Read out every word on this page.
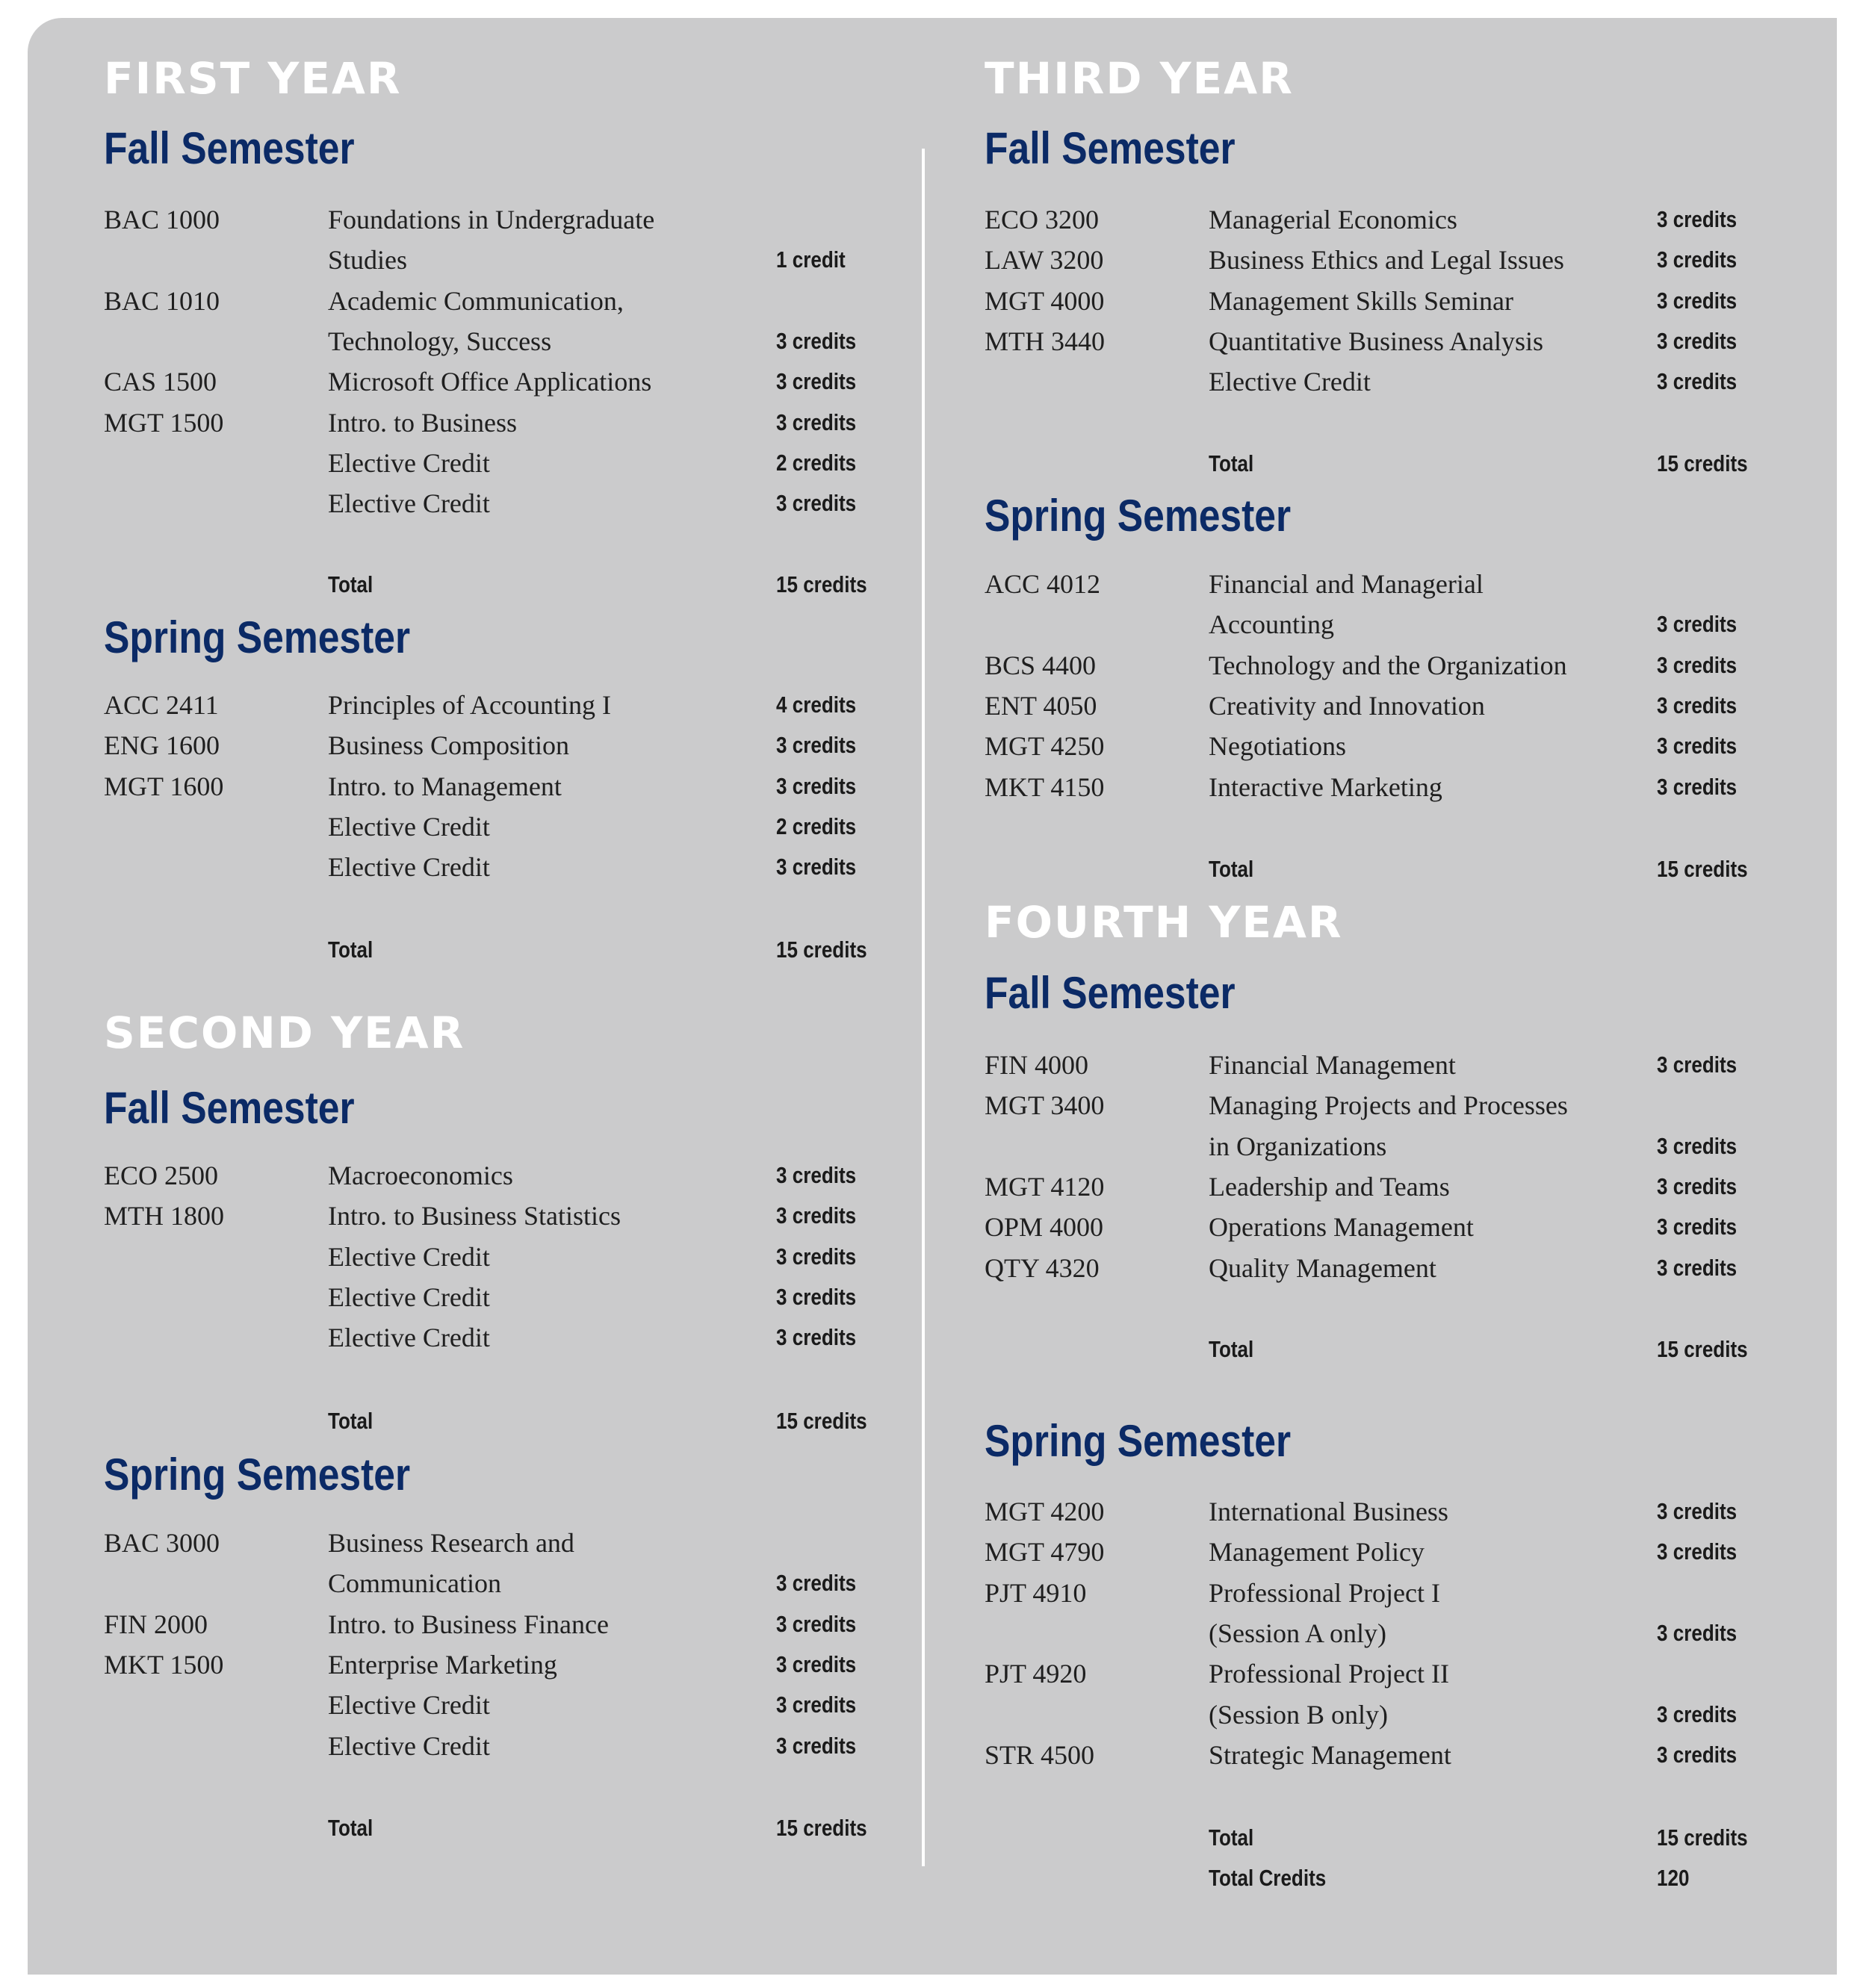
FIRST YEAR
Fall Semester
BAC 1000	Foundations in Undergraduate
Studies	1 credit
BAC 1010	Academic Communication,
Technology, Success	3 credits
CAS 1500	Microsoft Office Applications	3 credits
MGT 1500	Intro. to Business	3 credits
Elective Credit	2 credits
Elective Credit	3 credits
Total	15 credits
Spring Semester
ACC 2411	Principles of Accounting I	4 credits
ENG 1600	Business Composition	3 credits
MGT 1600	Intro. to Management	3 credits
Elective Credit	2 credits
Elective Credit	3 credits
Total	15 credits
SECOND YEAR
Fall Semester
ECO 2500	Macroeconomics	3 credits
MTH 1800	Intro. to Business Statistics	3 credits
Elective Credit	3 credits
Elective Credit	3 credits
Elective Credit	3 credits
Total	15 credits
Spring Semester
BAC 3000	Business Research and
Communication	3 credits
FIN 2000	Intro. to Business Finance	3 credits
MKT 1500	Enterprise Marketing	3 credits
Elective Credit	3 credits
Elective Credit	3 credits
Total	15 credits
THIRD YEAR
Fall Semester
ECO 3200	Managerial Economics	3 credits
LAW 3200	Business Ethics and Legal Issues	3 credits
MGT 4000	Management Skills Seminar	3 credits
MTH 3440	Quantitative Business Analysis	3 credits
Elective Credit	3 credits
Total	15 credits
Spring Semester
ACC 4012	Financial and Managerial
Accounting	3 credits
BCS 4400	Technology and the Organization	3 credits
ENT 4050	Creativity and Innovation	3 credits
MGT 4250	Negotiations	3 credits
MKT 4150	Interactive Marketing	3 credits
Total	15 credits
FOURTH YEAR
Fall Semester
FIN 4000	Financial Management	3 credits
MGT 3400	Managing Projects and Processes
in Organizations	3 credits
MGT 4120	Leadership and Teams	3 credits
OPM 4000	Operations Management	3 credits
QTY 4320	Quality Management	3 credits
Total	15 credits
Spring Semester
MGT 4200	International Business	3 credits
MGT 4790	Management Policy	3 credits
PJT 4910	Professional Project I
(Session A only)	3 credits
PJT 4920	Professional Project II
(Session B only)	3 credits
STR 4500	Strategic Management	3 credits
Total	15 credits
Total Credits	120
